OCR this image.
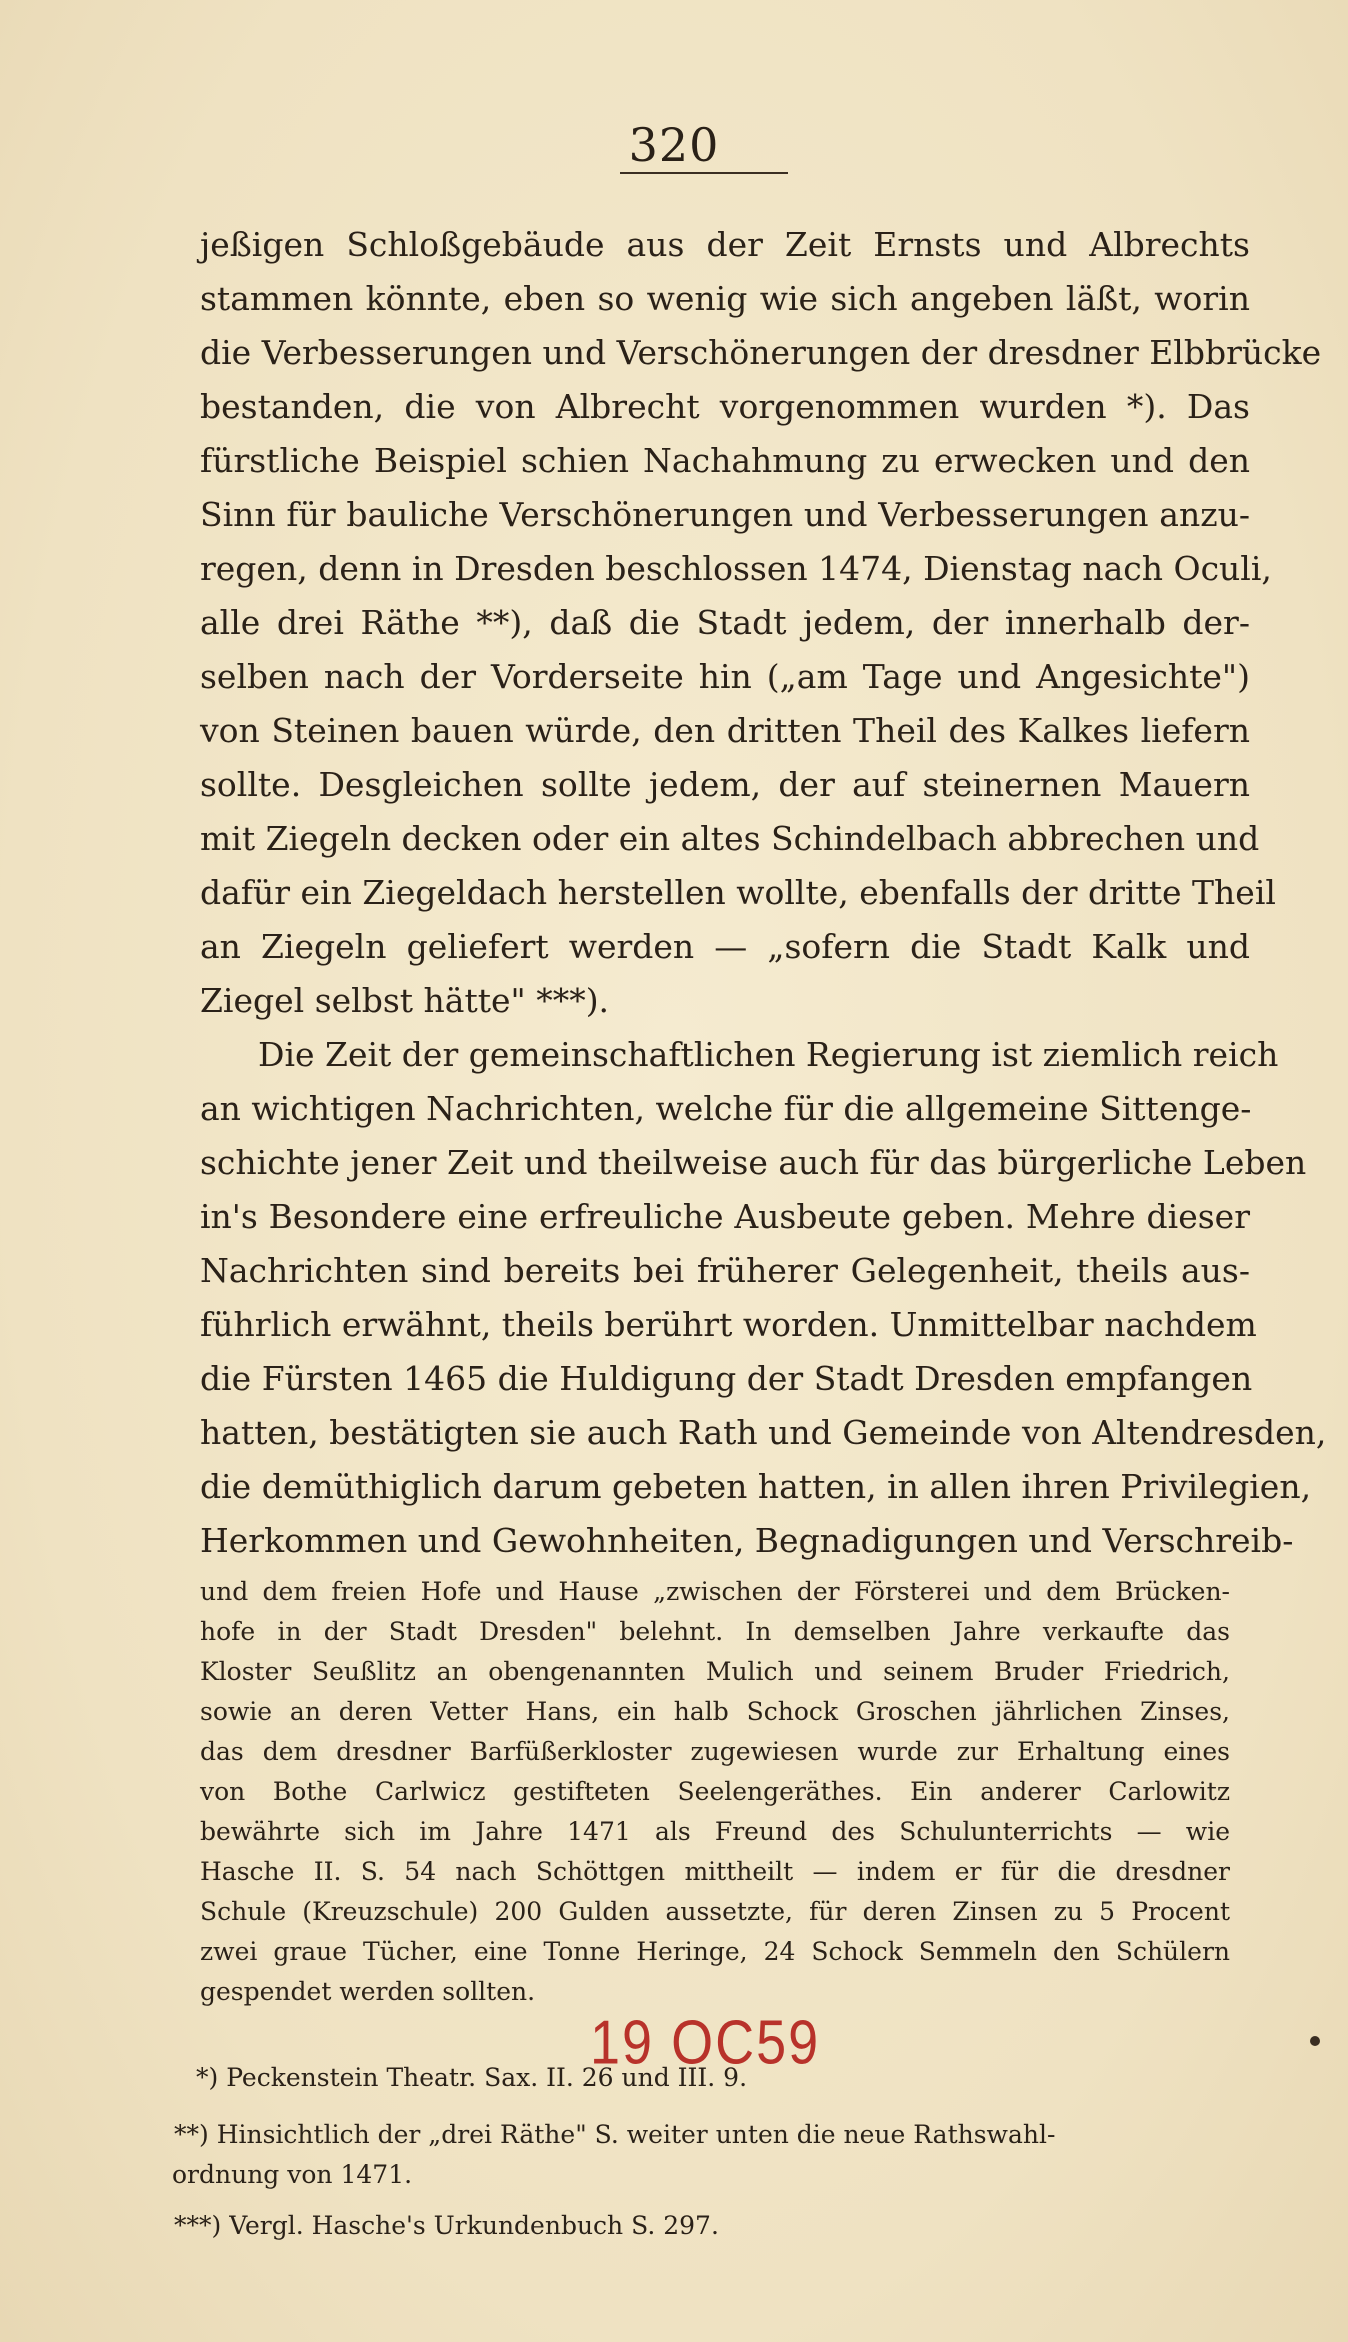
320
jeßigen Schloßgebäude aus der Zeit Ernsts und Albrechts
stammen könnte, eben so wenig wie sich angeben läßt, worin
die Verbesserungen und Verschönerungen der dresdner Elbbrücke
bestanden, die von Albrecht vorgenommen wurden *). Das
fürstliche Beispiel schien Nachahmung zu erwecken und den
Sinn für bauliche Verschönerungen und Verbesserungen anzu-
regen, denn in Dresden beschlossen 1474, Dienstag nach Oculi,
alle drei Räthe **), daß die Stadt jedem, der innerhalb der-
selben nach der Vorderseite hin („am Tage und Angesichte")
von Steinen bauen würde, den dritten Theil des Kalkes liefern
sollte. Desgleichen sollte jedem, der auf steinernen Mauern
mit Ziegeln decken oder ein altes Schindelbach abbrechen und
dafür ein Ziegeldach herstellen wollte, ebenfalls der dritte Theil
an Ziegeln geliefert werden — „sofern die Stadt Kalk und
Ziegel selbst hätte" ***).
Die Zeit der gemeinschaftlichen Regierung ist ziemlich reich
an wichtigen Nachrichten, welche für die allgemeine Sittenge-
schichte jener Zeit und theilweise auch für das bürgerliche Leben
in's Besondere eine erfreuliche Ausbeute geben. Mehre dieser
Nachrichten sind bereits bei früherer Gelegenheit, theils aus-
führlich erwähnt, theils berührt worden. Unmittelbar nachdem
die Fürsten 1465 die Huldigung der Stadt Dresden empfangen
hatten, bestätigten sie auch Rath und Gemeinde von Altendresden,
die demüthiglich darum gebeten hatten, in allen ihren Privilegien,
Herkommen und Gewohnheiten, Begnadigungen und Verschreib-
und dem freien Hofe und Hause „zwischen der Försterei und dem Brücken-
hofe in der Stadt Dresden" belehnt. In demselben Jahre verkaufte das
Kloster Seußlitz an obengenannten Mulich und seinem Bruder Friedrich,
sowie an deren Vetter Hans, ein halb Schock Groschen jährlichen Zinses,
das dem dresdner Barfüßerkloster zugewiesen wurde zur Erhaltung eines
von Bothe Carlwicz gestifteten Seelengeräthes. Ein anderer Carlowitz
bewährte sich im Jahre 1471 als Freund des Schulunterrichts — wie
Hasche II. S. 54 nach Schöttgen mittheilt — indem er für die dresdner
Schule (Kreuzschule) 200 Gulden aussetzte, für deren Zinsen zu 5 Procent
zwei graue Tücher, eine Tonne Heringe, 24 Schock Semmeln den Schülern
gespendet werden sollten.
19 OC59
*) Peckenstein Theatr. Sax. II. 26 und III. 9.
**) Hinsichtlich der „drei Räthe" S. weiter unten die neue Rathswahl-
ordnung von 1471.
***) Vergl. Hasche's Urkundenbuch S. 297.
